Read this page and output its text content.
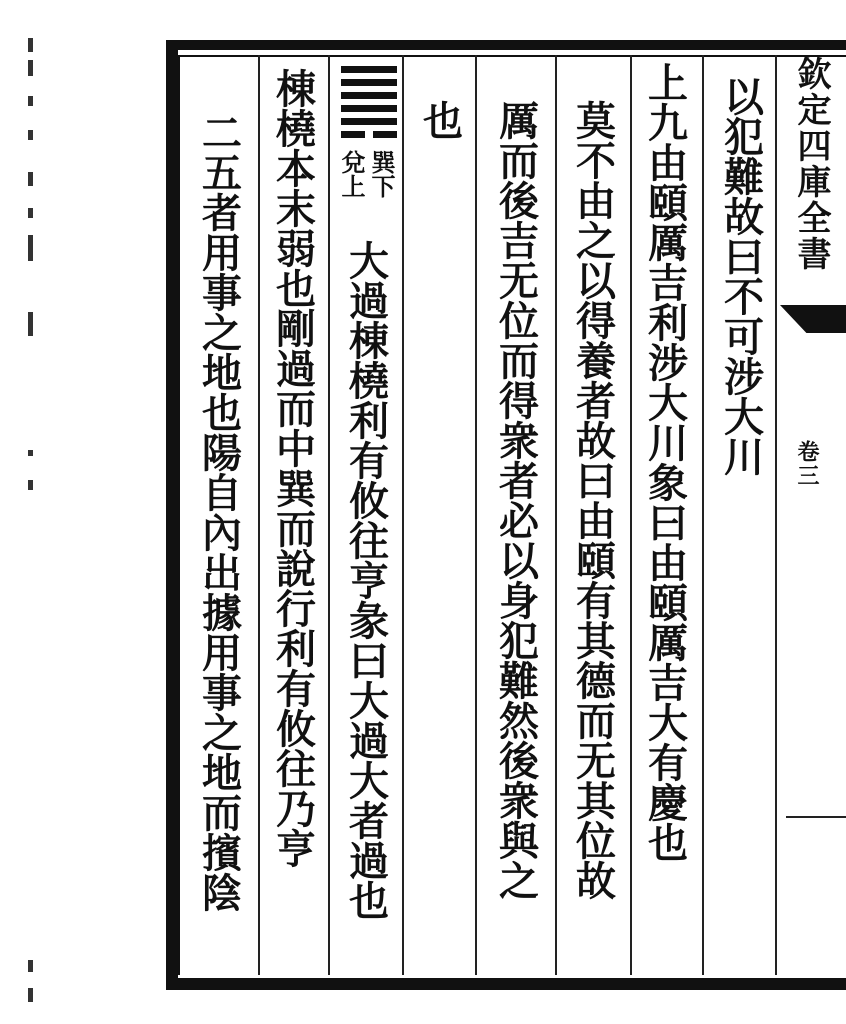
欽定四庫全書
卷三
以犯難故曰不可涉大川
上九由頤厲吉利涉大川象曰由頤厲吉大有慶也
莫不由之以得養者故曰由頤有其德而无其位故
厲而後吉无位而得衆者必以身犯難然後衆與之
也
大過棟橈利有攸往亨彖曰大過大者過也
棟橈本末弱也剛過而中巽而說行利有攸往乃亨
二五者用事之地也陽自內出據用事之地而擯陰	巽下
兌上
